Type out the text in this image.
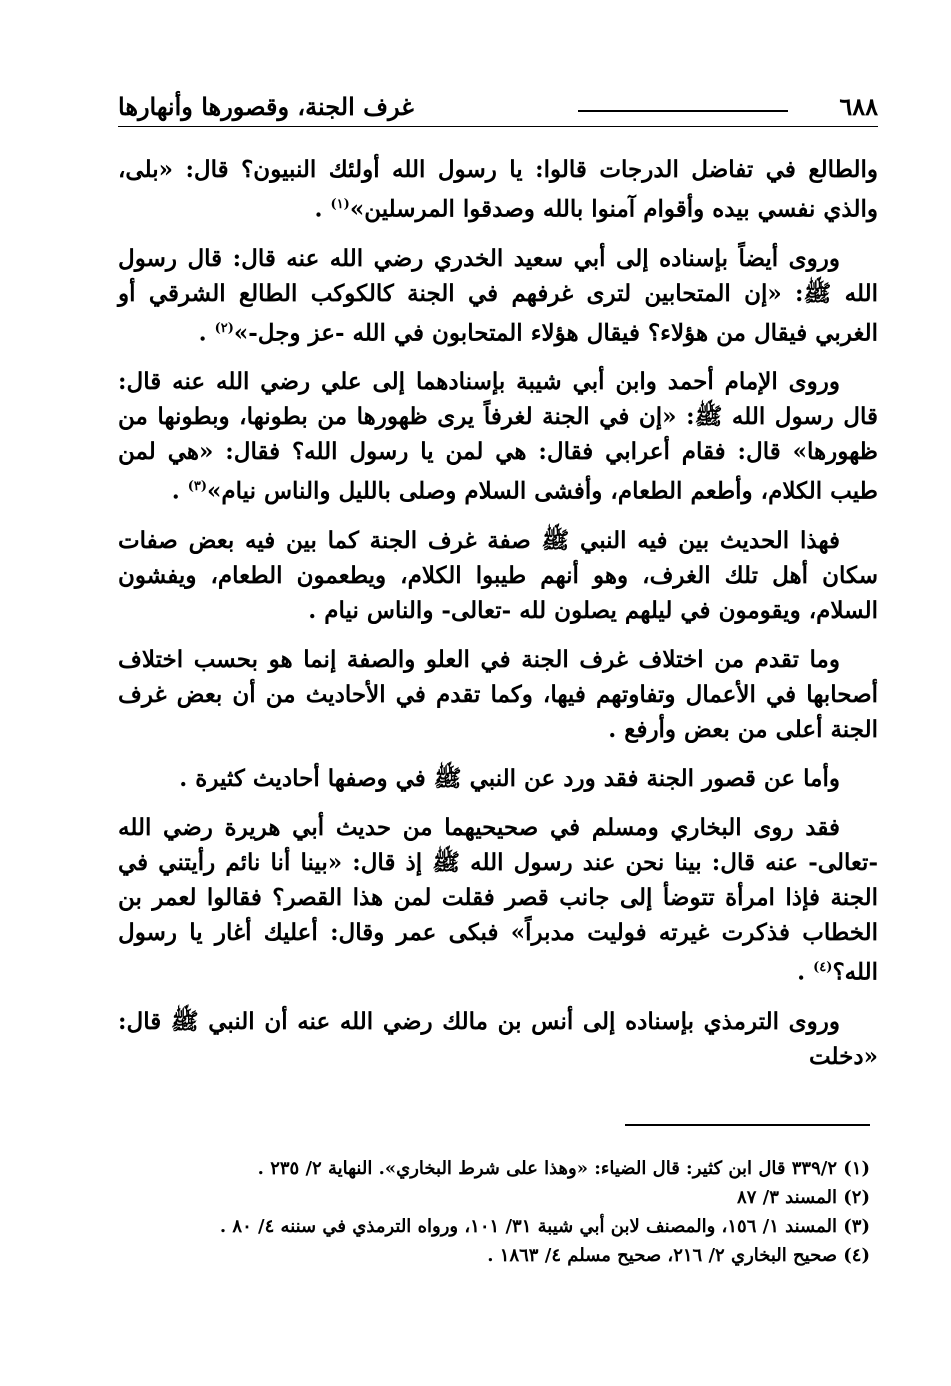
٦٨٨
غرف الجنة، وقصورها وأنهارها

والطالع في تفاضل الدرجات قالوا: يا رسول الله أولئك النبيون؟ قال: «بلى، والذي نفسي بيده وأقوام آمنوا بالله وصدقوا المرسلين»$^{(١)}$ .

وروى أيضاً بإسناده إلى أبي سعيد الخدري رضي الله عنه قال: قال رسول الله ﷺ: «إن المتحابين لترى غرفهم في الجنة كالكوكب الطالع الشرقي أو الغربي فيقال من هؤلاء؟ فيقال هؤلاء المتحابون في الله -عز وجل-»$^{(٢)}$ .

وروى الإمام أحمد وابن أبي شيبة بإسنادهما إلى علي رضي الله عنه قال: قال رسول الله ﷺ: «إن في الجنة لغرفاً يرى ظهورها من بطونها، وبطونها من ظهورها» قال: فقام أعرابي فقال: هي لمن يا رسول الله؟ فقال: «هي لمن طيب الكلام، وأطعم الطعام، وأفشى السلام وصلى بالليل والناس نيام»$^{(٣)}$ .

فهذا الحديث بين فيه النبي ﷺ صفة غرف الجنة كما بين فيه بعض صفات سكان أهل تلك الغرف، وهو أنهم طيبوا الكلام، ويطعمون الطعام، ويفشون السلام، ويقومون في ليلهم يصلون لله -تعالى- والناس نيام .

وما تقدم من اختلاف غرف الجنة في العلو والصفة إنما هو بحسب اختلاف أصحابها في الأعمال وتفاوتهم فيها، وكما تقدم في الأحاديث من أن بعض غرف الجنة أعلى من بعض وأرفع .

وأما عن قصور الجنة فقد ورد عن النبي ﷺ في وصفها أحاديث كثيرة .

فقد روى البخاري ومسلم في صحيحيهما من حديث أبي هريرة رضي الله -تعالى- عنه قال: بينا نحن عند رسول الله ﷺ إذ قال: «بينا أنا نائم رأيتني في الجنة فإذا امرأة تتوضأ إلى جانب قصر فقلت لمن هذا القصر؟ فقالوا لعمر بن الخطاب فذكرت غيرته فوليت مدبراً» فبكى عمر وقال: أعليك أغار يا رسول الله؟$^{(٤)}$ .

وروى الترمذي بإسناده إلى أنس بن مالك رضي الله عنه أن النبي ﷺ قال: «دخلت

(١) ٣٣٩/٢ قال ابن كثير: قال الضياء: «وهذا على شرط البخاري». النهاية ٢/ ٢٣٥ .
(٢) المسند ٣/ ٨٧
(٣) المسند ١/ ١٥٦، والمصنف لابن أبي شيبة ٣١/ ١٠١، ورواه الترمذي في سننه ٤/ ٨٠ .
(٤) صحيح البخاري ٢/ ٢١٦، صحيح مسلم ٤/ ١٨٦٣ .
